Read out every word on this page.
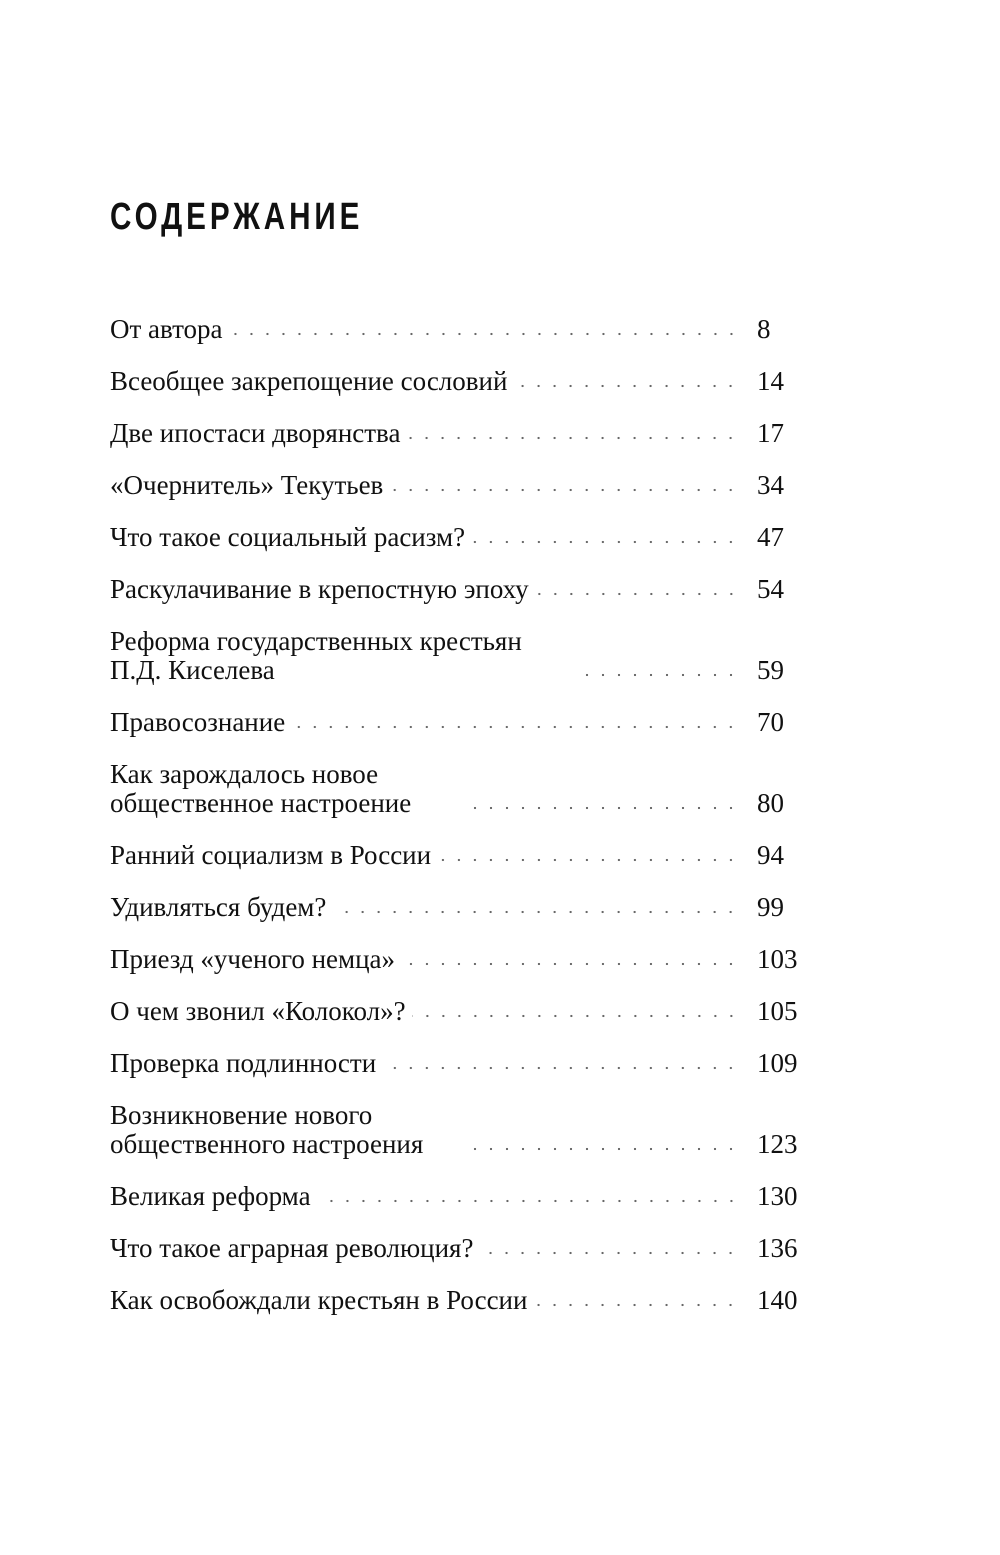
СОДЕРЖАНИЕ
От автора	8
Всеобщее закрепощение сословий	14
Две ипостаси дворянства	17
«Очернитель» Текутьев	34
Что такое социальный расизм?	47
Раскулачивание в крепостную эпоху	54
Реформа государственных крестьян П.Д. Киселева	59
Правосознание	70
Как зарождалось новое общественное настроение	80
Ранний социализм в России	94
Удивляться будем?	99
Приезд «ученого немца»	103
О чем звонил «Колокол»?	105
Проверка подлинности	109
Возникновение нового общественного настроения	123
Великая реформа	130
Что такое аграрная революция?	136
Как освобождали крестьян в России	140
